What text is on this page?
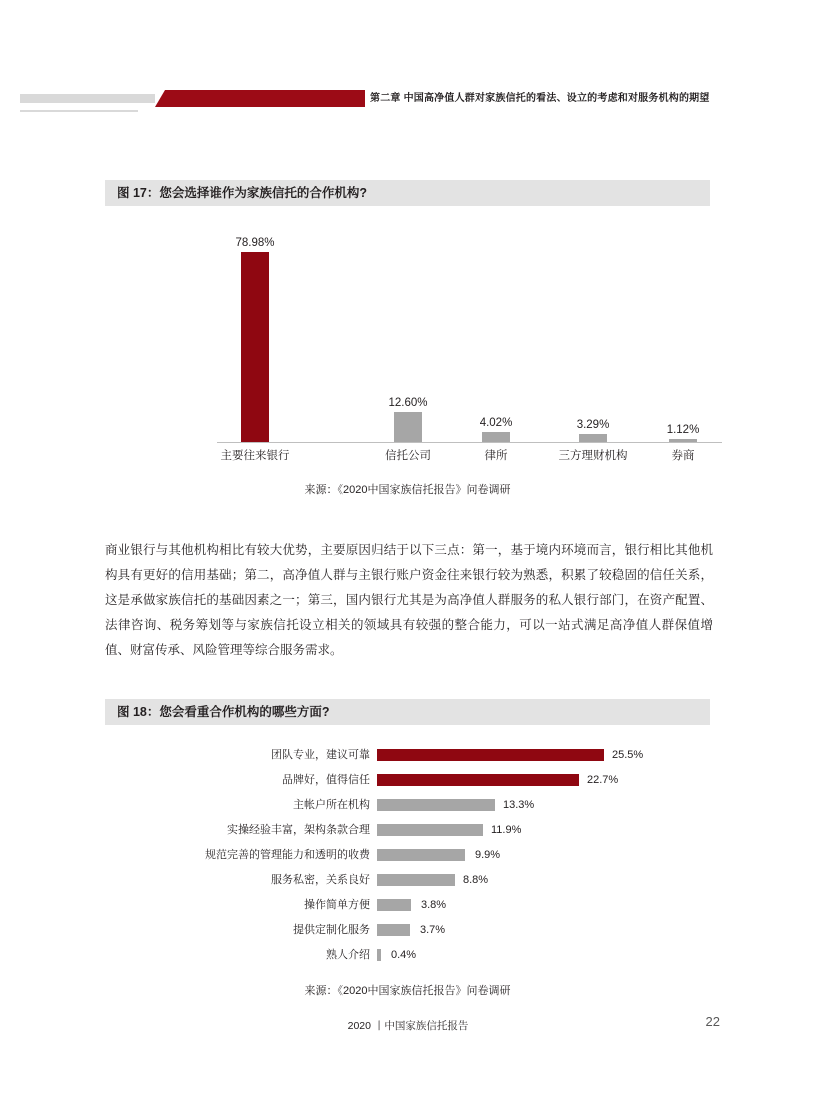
第二章 中国高净值人群对家族信托的看法、设立的考虑和对服务机构的期望
图 17：您会选择谁作为家族信托的合作机构?
78.98%
12.60%
4.02%	3.29%	1.12%
主要往来银行	信托公司	律所	三方理财机构	券商
来源：《2020中国家族信托报告》问卷调研
商业银行与其他机构相比有较大优势，主要原因归结于以下三点：第一，基于境内环境而言，银行相比其他机构具有更好的信用基础；第二，高净值人群与主银行账户资金往来银行较为熟悉，积累了较稳固的信任关系，这是承做家族信托的基础因素之一；第三，国内银行尤其是为高净值人群服务的私人银行部门，在资产配置、法律咨询、税务筹划等与家族信托设立相关的领域具有较强的整合能力，可以一站式满足高净值人群保值增值、财富传承、风险管理等综合服务需求。
图 18：您会看重合作机构的哪些方面?
团队专业，建议可靠	25.5%
品牌好，值得信任	22.7%
主帐户所在机构	13.3%
实操经验丰富，架构条款合理	11.9%
规范完善的管理能力和透明的收费	9.9%
服务私密，关系良好	8.8%
操作简单方便	3.8%
提供定制化服务	3.7%
熟人介绍 0.4%
来源：《2020中国家族信托报告》问卷调研
2020 丨中国家族信托报告	22
